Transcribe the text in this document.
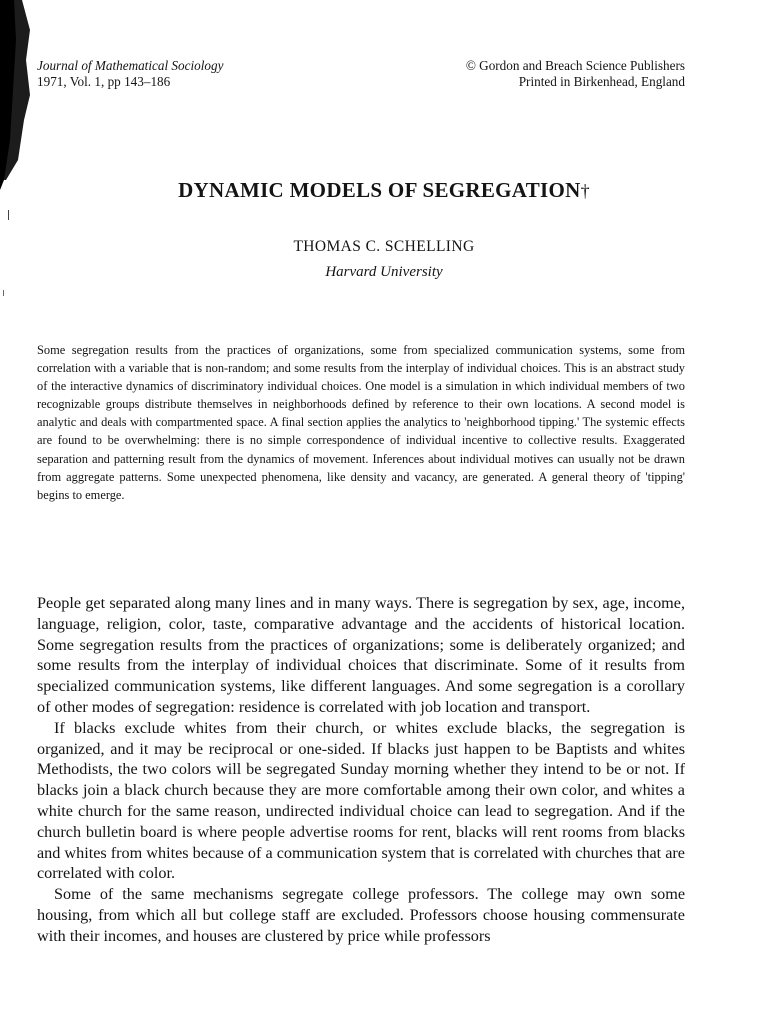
Journal of Mathematical Sociology
1971, Vol. 1, pp 143–186
© Gordon and Breach Science Publishers
Printed in Birkenhead, England
DYNAMIC MODELS OF SEGREGATION†
THOMAS C. SCHELLING
Harvard University

Some segregation results from the practices of organizations, some from specialized communication systems, some from correlation with a variable that is non-random; and some results from the interplay of individual choices. This is an abstract study of the interactive dynamics of discriminatory individual choices. One model is a simulation in which individual members of two recognizable groups distribute themselves in neighborhoods defined by reference to their own locations. A second model is analytic and deals with compartmented space. A final section applies the analytics to 'neighborhood tipping.' The systemic effects are found to be overwhelming: there is no simple correspondence of individual incentive to collective results. Exaggerated separation and patterning result from the dynamics of movement. Inferences about individual motives can usually not be drawn from aggregate patterns. Some unexpected phenomena, like density and vacancy, are generated. A general theory of 'tipping' begins to emerge.

People get separated along many lines and in many ways. There is segregation by sex, age, income, language, religion, color, taste, comparative advantage and the accidents of historical location. Some segregation results from the practices of organizations; some is deliberately organized; and some results from the interplay of individual choices that discriminate. Some of it results from specialized communication systems, like different languages. And some segregation is a corollary of other modes of segregation: residence is correlated with job location and transport.

If blacks exclude whites from their church, or whites exclude blacks, the segregation is organized, and it may be reciprocal or one-sided. If blacks just happen to be Baptists and whites Methodists, the two colors will be segregated Sunday morning whether they intend to be or not. If blacks join a black church because they are more comfortable among their own color, and whites a white church for the same reason, undirected individual choice can lead to segregation. And if the church bulletin board is where people advertise rooms for rent, blacks will rent rooms from blacks and whites from whites because of a communication system that is correlated with churches that are correlated with color.

Some of the same mechanisms segregate college professors. The college may own some housing, from which all but college staff are excluded. Professors choose housing commensurate with their incomes, and houses are clustered by price while professors
